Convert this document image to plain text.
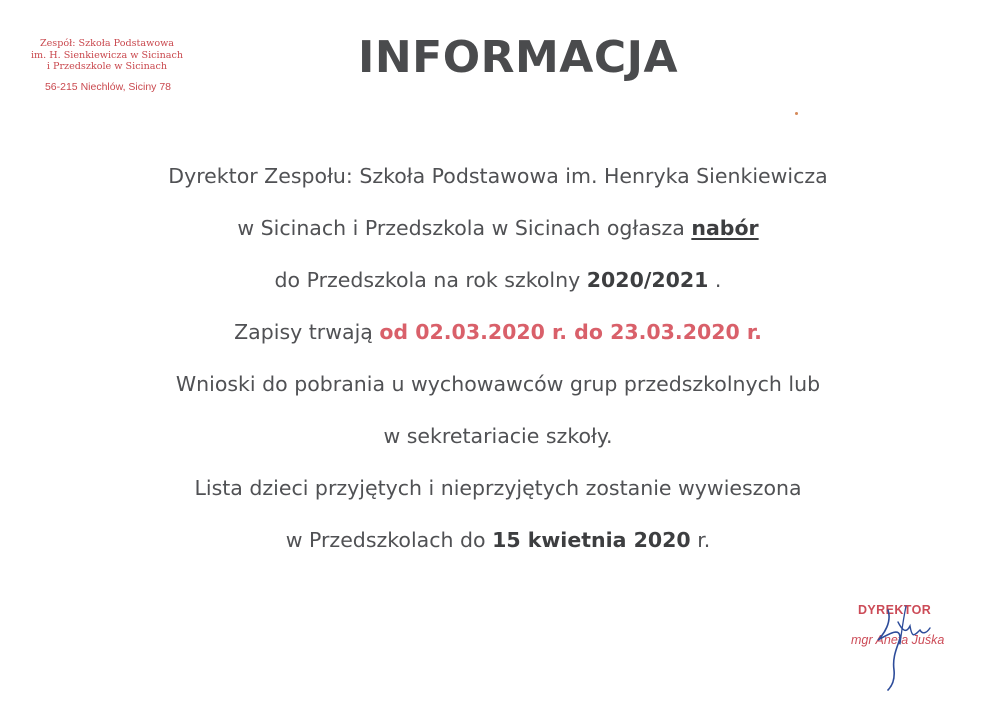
Zespół: Szkoła Podstawowa
im. H. Sienkiewicza w Sicinach
i Przedszkole w Sicinach
56-215 Niechlów, Siciny 78
INFORMACJA
Dyrektor Zespołu: Szkoła Podstawowa im. Henryka Sienkiewicza
w Sicinach i Przedszkola w Sicinach ogłasza nabór
do Przedszkola na rok szkolny 2020/2021 .
Zapisy trwają od 02.03.2020 r. do 23.03.2020 r.
Wnioski do pobrania u wychowawców grup przedszkolnych lub
w sekretariacie szkoły.
Lista dzieci przyjętych i nieprzyjętych zostanie wywieszona
w Przedszkolach do 15 kwietnia 2020 r.
DYREKTOR
mgr Aneta Juśka
